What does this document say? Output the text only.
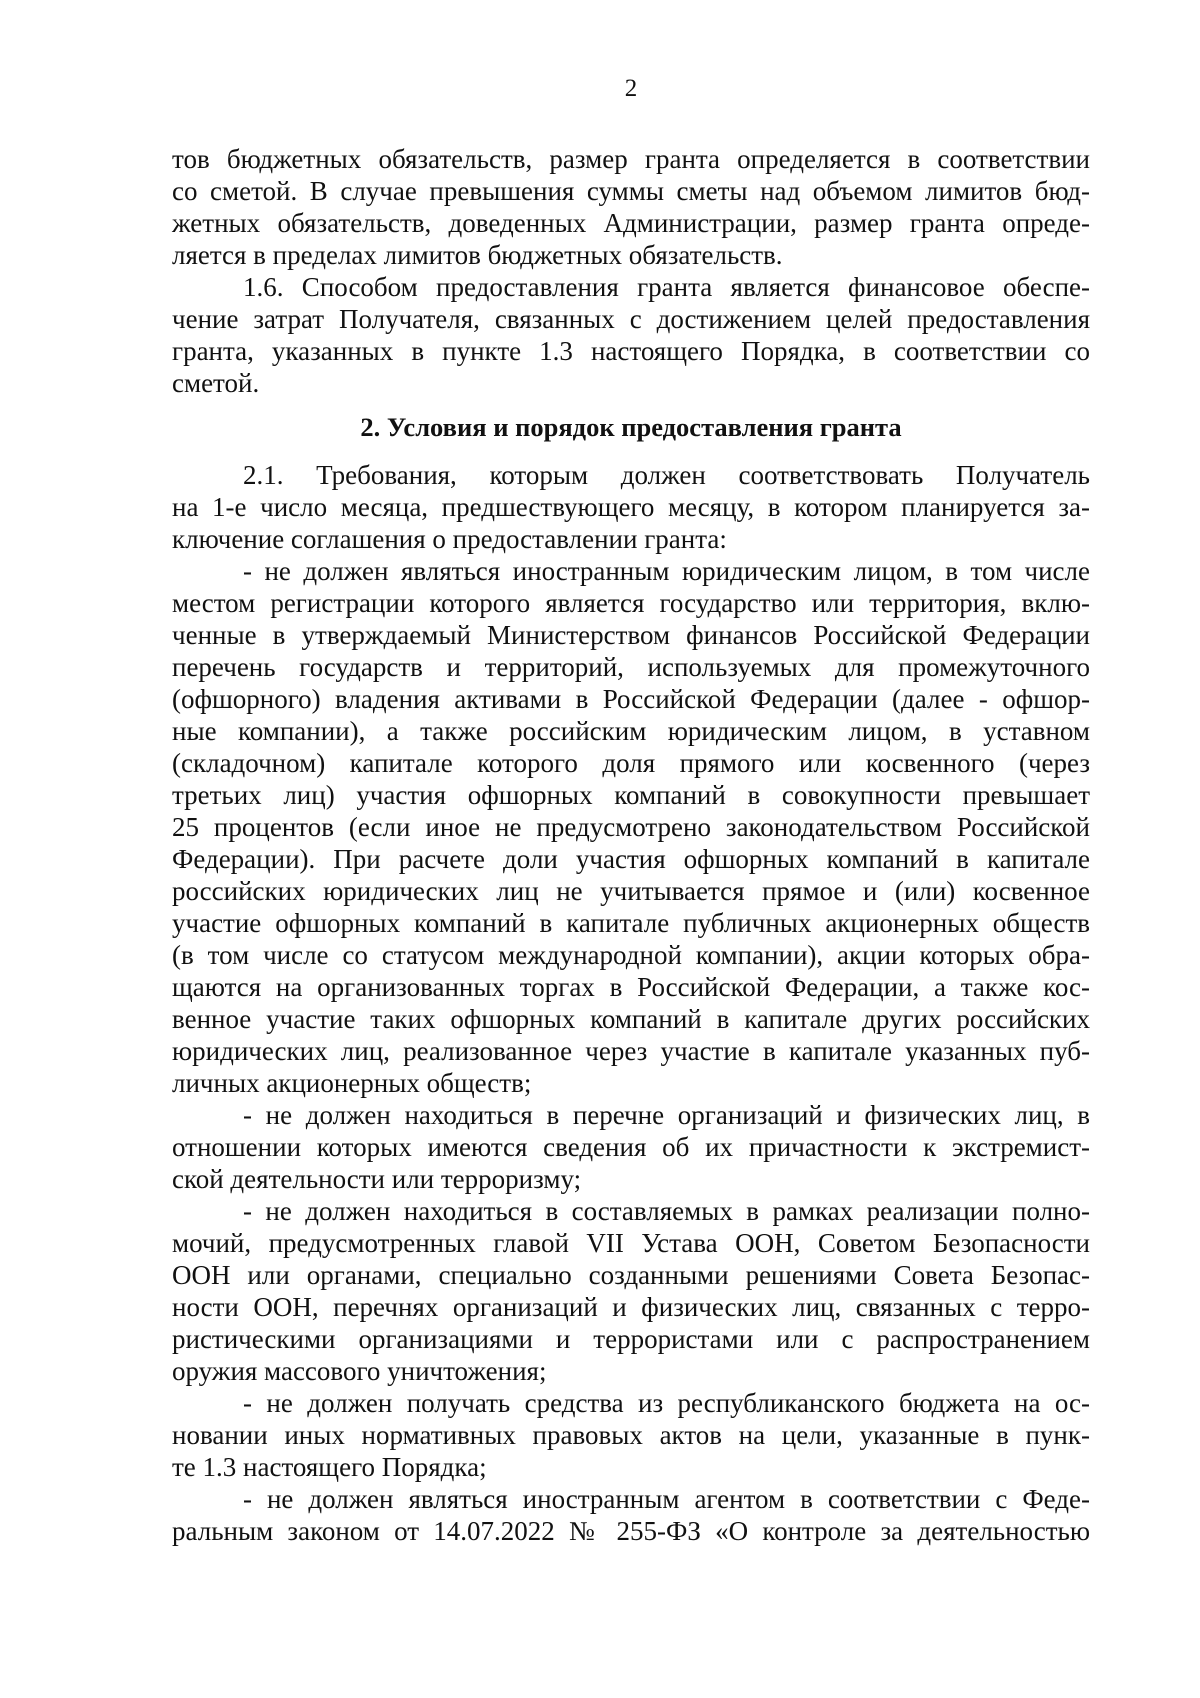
2
тов бюджетных обязательств, размер гранта определяется в соответствии
со сметой. В случае превышения суммы сметы над объемом лимитов бюд-
жетных обязательств, доведенных Администрации, размер гранта опреде-
ляется в пределах лимитов бюджетных обязательств.
1.6. Способом предоставления гранта является финансовое обеспе-
чение затрат Получателя, связанных с достижением целей предоставления
гранта, указанных в пункте 1.3 настоящего Порядка, в соответствии со
сметой.
2. Условия и порядок предоставления гранта
2.1. Требования, которым должен соответствовать Получатель
на 1-е число месяца, предшествующего месяцу, в котором планируется за-
ключение соглашения о предоставлении гранта:
- не должен являться иностранным юридическим лицом, в том числе
местом регистрации которого является государство или территория, вклю-
ченные в утверждаемый Министерством финансов Российской Федерации
перечень государств и территорий, используемых для промежуточного
(офшорного) владения активами в Российской Федерации (далее - офшор-
ные компании), а также российским юридическим лицом, в уставном
(складочном) капитале которого доля прямого или косвенного (через
третьих лиц) участия офшорных компаний в совокупности превышает
25 процентов (если иное не предусмотрено законодательством Российской
Федерации). При расчете доли участия офшорных компаний в капитале
российских юридических лиц не учитывается прямое и (или) косвенное
участие офшорных компаний в капитале публичных акционерных обществ
(в том числе со статусом международной компании), акции которых обра-
щаются на организованных торгах в Российской Федерации, а также кос-
венное участие таких офшорных компаний в капитале других российских
юридических лиц, реализованное через участие в капитале указанных пуб-
личных акционерных обществ;
- не должен находиться в перечне организаций и физических лиц, в
отношении которых имеются сведения об их причастности к экстремист-
ской деятельности или терроризму;
- не должен находиться в составляемых в рамках реализации полно-
мочий, предусмотренных главой VII Устава ООН, Советом Безопасности
ООН или органами, специально созданными решениями Совета Безопас-
ности ООН, перечнях организаций и физических лиц, связанных с терро-
ристическими организациями и террористами или с распространением
оружия массового уничтожения;
- не должен получать средства из республиканского бюджета на ос-
новании иных нормативных правовых актов на цели, указанные в пунк-
те 1.3 настоящего Порядка;
- не должен являться иностранным агентом в соответствии с Феде-
ральным законом от 14.07.2022 № 255-ФЗ «О контроле за деятельностью
